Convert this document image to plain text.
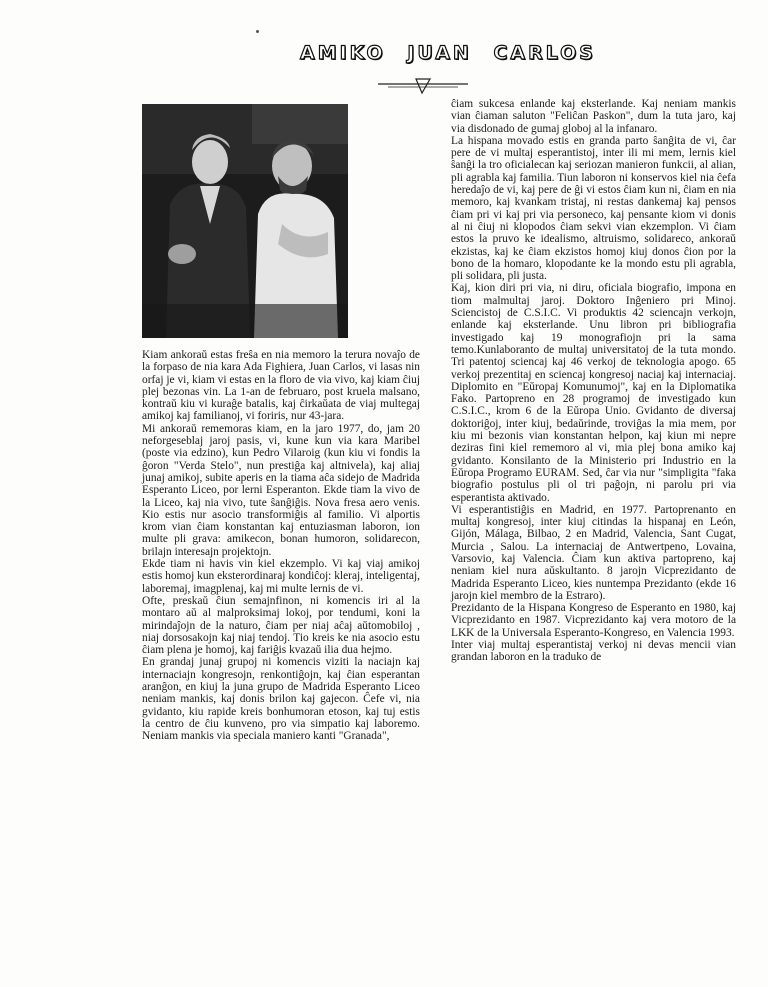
AMIKO JUAN CARLOS

Kiam ankoraŭ estas freŝa en nia memoro la terura novaĵo de la forpaso de nia kara Ada Fighiera, Juan Carlos, vi lasas nin orfaj je vi, kiam vi estas en la floro de via vivo, kaj kiam ĉiuj plej bezonas vin. La 1-an de februaro, post kruela malsano, kontraŭ kiu vi kuraĝe batalis, kaj ĉirkaŭata de viaj multegaj amikoj kaj familianoj, vi foriris, nur 43-jara.

Mi ankoraŭ rememoras kiam, en la jaro 1977, do, jam 20 neforgeseblaj jaroj pasis, vi, kune kun via kara Maribel (poste via edzino), kun Pedro Vilaroig (kun kiu vi fondis la ĝoron "Verda Stelo", nun prestiĝa kaj altnivela), kaj aliaj junaj amikoj, subite aperis en la tiama aĉa sidejo de Madrida Esperanto Liceo, por lerni Esperanton. Ekde tiam la vivo de la Liceo, kaj nia vivo, tute ŝanĝiĝis. Nova fresa aero venis. Kio estis nur asocio transformiĝis al familio. Vi alportis krom vian ĉiam konstantan kaj entuziasman laboron, ion multe pli grava: amikecon, bonan humoron, solidarecon, brilajn interesajn projektojn.

Ekde tiam ni havis vin kiel ekzemplo. Vi kaj viaj amikoj estis homoj kun eksterordinaraj kondiĉoj: kleraj, inteligentaj, laboremaj, imagplenaj, kaj mi multe lernis de vi.

Ofte, preskaŭ ĉiun semajnfinon, ni komencis iri al la montaro aŭ al malproksimaj lokoj, por tendumi, koni la mirindaĵojn de la naturo, ĉiam per niaj aĉaj aŭtomobiloj , niaj dorsosakojn kaj niaj tendoj. Tio kreis ke nia asocio estu ĉiam plena je homoj, kaj fariĝis kvazaŭ ilia dua hejmo.

En grandaj junaj grupoj ni komencis viziti la naciajn kaj internaciajn kongresojn, renkontiĝojn, kaj ĉian esperantan aranĝon, en kiuj la juna grupo de Madrida Esperanto Liceo neniam mankis, kaj donis brilon kaj gajecon. Ĉefe vi, nia gvidanto, kiu rapide kreis bonhumoran etoson, kaj tuj estis la centro de ĉiu kunveno, pro via simpatio kaj laboremo. Neniam mankis via speciala maniero kanti "Granada",

ĉiam sukcesa enlande kaj eksterlande. Kaj neniam mankis vian ĉiaman saluton "Feliĉan Paskon", dum la tuta jaro, kaj via disdonado de gumaj globoj al la infanaro.

La hispana movado estis en granda parto ŝanĝita de vi, ĉar pere de vi multaj esperantistoj, inter ili mi mem, lernis kiel ŝanĝi la tro oficialecan kaj seriozan manieron funkcii, al alian, pli agrabla kaj familia. Tiun laboron ni konservos kiel nia ĉefa heredaĵo de vi, kaj pere de ĝi vi estos ĉiam kun ni, ĉiam en nia memoro, kaj kvankam tristaj, ni restas dankemaj kaj pensos ĉiam pri vi kaj pri via personeco, kaj pensante kiom vi donis al ni ĉiuj ni klopodos ĉiam sekvi vian ekzemplon. Vi ĉiam estos la pruvo ke idealismo, altruismo, solidareco, ankoraŭ ekzistas, kaj ke ĉiam ekzistos homoj kiuj donos ĉion por la bono de la homaro, klopodante ke la mondo estu pli agrabla, pli solidara, pli justa.

Kaj, kion diri pri via, ni diru, oficiala biografio, impona en tiom malmultaj jaroj. Doktoro Inĝeniero pri Minoj. Sciencistoj de C.S.I.C. Vi produktis 42 sciencajn verkojn, enlande kaj eksterlande. Unu libron pri bibliografia investigado kaj 19 monografiojn pri la sama temo.Kunlaboranto de multaj universitatoj de la tuta mondo. Tri patentoj sciencaj kaj 46 verkoj de teknologia apogo. 65 verkoj prezentitaj en sciencaj kongresoj naciaj kaj internaciaj. Diplomito en "Eŭropaj Komunumoj", kaj en la Diplomatika Fako. Partopreno en 28 programoj de investigado kun C.S.I.C., krom 6 de la Eŭropa Unio. Gvidanto de diversaj doktoriĝoj, inter kiuj, bedaŭrinde, troviĝas la mia mem, por kiu mi bezonis vian konstantan helpon, kaj kiun mi nepre deziras fini kiel rememoro al vi, mia plej bona amiko kaj gvidanto. Konsilanto de la Ministerio pri Industrio en la Eŭropa Programo EURAM. Sed, ĉar via nur "simpligita "faka biografio postulus pli ol tri paĝojn, ni parolu pri via esperantista aktivado.

Vi esperantistiĝis en Madrid, en 1977. Partoprenanto en multaj kongresoj, inter kiuj citindas la hispanaj en León, Gijón, Málaga, Bilbao, 2 en Madrid, Valencia, Sant Cugat, Murcia , Salou. La internaciaj de Antwertpeno, Lovaina, Varsovio, kaj Valencia. Ĉiam kun aktiva partopreno, kaj neniam kiel nura aŭskultanto. 8 jarojn Vicprezidanto de Madrida Esperanto Liceo, kies nuntempa Prezidanto (ekde 16 jarojn kiel membro de la Estraro).

Prezidanto de la Hispana Kongreso de Esperanto en 1980, kaj Vicprezidanto en 1987. Vicprezidanto kaj vera motoro de la LKK de la Universala Esperanto-Kongreso, en Valencia 1993.

Inter viaj multaj esperantistaj verkoj ni devas mencii vian grandan laboron en la traduko de
